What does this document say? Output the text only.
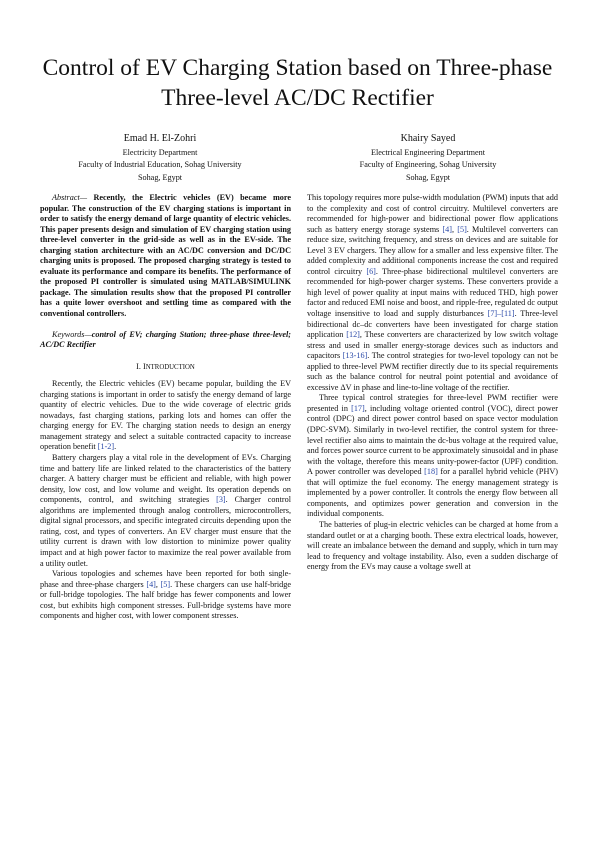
Control of EV Charging Station based on Three-phase
Three-level AC/DC Rectifier
Emad H. El-Zohri
Electricity Department
Faculty of Industrial Education, Sohag University
Sohag, Egypt
Khairy Sayed
Electrical Engineering Department
Faculty of Engineering, Sohag University
Sohag, Egypt

Abstract— Recently, the Electric vehicles (EV) became more popular. The construction of the EV charging stations is important in order to satisfy the energy demand of large quantity of electric vehicles. This paper presents design and simulation of EV charging station using three-level converter in the grid-side as well as in the EV-side. The charging station architecture with an AC/DC conversion and DC/DC charging units is proposed. The proposed charging strategy is tested to evaluate its performance and compare its benefits. The performance of the proposed PI controller is simulated using MATLAB/SIMULINK package. The simulation results show that the proposed PI controller has a quite lower overshoot and settling time as compared with the conventional controllers.

Keywords—control of EV; charging Station; three-phase three-level; AC/DC Rectifier

I. INTRODUCTION

Recently, the Electric vehicles (EV) became popular, building the EV charging stations is important in order to satisfy the energy demand of large quantity of electric vehicles. Due to the wide coverage of electric grids nowadays, fast charging stations, parking lots and homes can offer the charging energy for EV. The charging station needs to design an energy management strategy and select a suitable contracted capacity to increase operation benefit [1-2].

Battery chargers play a vital role in the development of EVs. Charging time and battery life are linked related to the characteristics of the battery charger. A battery charger must be efficient and reliable, with high power density, low cost, and low volume and weight. Its operation depends on components, control, and switching strategies [3]. Charger control algorithms are implemented through analog controllers, microcontrollers, digital signal processors, and specific integrated circuits depending upon the rating, cost, and types of converters. An EV charger must ensure that the utility current is drawn with low distortion to minimize power quality impact and at high power factor to maximize the real power available from a utility outlet.

Various topologies and schemes have been reported for both single-phase and three-phase chargers [4], [5]. These chargers can use half-bridge or full-bridge topologies. The half bridge has fewer components and lower cost, but exhibits high component stresses. Full-bridge systems have more components and higher cost, with lower component stresses.

This topology requires more pulse-width modulation (PWM) inputs that add to the complexity and cost of control circuitry. Multilevel converters are recommended for high-power and bidirectional power flow applications such as battery energy storage systems [4], [5]. Multilevel converters can reduce size, switching frequency, and stress on devices and are suitable for Level 3 EV chargers. They allow for a smaller and less expensive filter. The added complexity and additional components increase the cost and required control circuitry [6]. Three-phase bidirectional multilevel converters are recommended for high-power charger systems. These converters provide a high level of power quality at input mains with reduced THD, high power factor and reduced EMI noise and boost, and ripple-free, regulated dc output voltage insensitive to load and supply disturbances [7]–[11]. Three-level bidirectional dc–dc converters have been investigated for charge station application [12], These converters are characterized by low switch voltage stress and used in smaller energy-storage devices such as inductors and capacitors [13-16]. The control strategies for two-level topology can not be applied to three-level PWM rectifier directly due to its special requirements such as the balance control for neutral point potential and avoidance of excessive ΔV in phase and line-to-line voltage of the rectifier.

Three typical control strategies for three-level PWM rectifier were presented in [17], including voltage oriented control (VOC), direct power control (DPC) and direct power control based on space vector modulation (DPC-SVM). Similarly in two-level rectifier, the control system for three-level rectifier also aims to maintain the dc-bus voltage at the required value, and forces power source current to be approximately sinusoidal and in phase with the voltage, therefore this means unity-power-factor (UPF) condition. A power controller was developed [18] for a parallel hybrid vehicle (PHV) that will optimize the fuel economy. The energy management strategy is implemented by a power controller. It controls the energy flow between all components, and optimizes power generation and conversion in the individual components.

The batteries of plug-in electric vehicles can be charged at home from a standard outlet or at a charging booth. These extra electrical loads, however, will create an imbalance between the demand and supply, which in turn may lead to frequency and voltage instability. Also, even a sudden discharge of energy from the EVs may cause a voltage swell at
